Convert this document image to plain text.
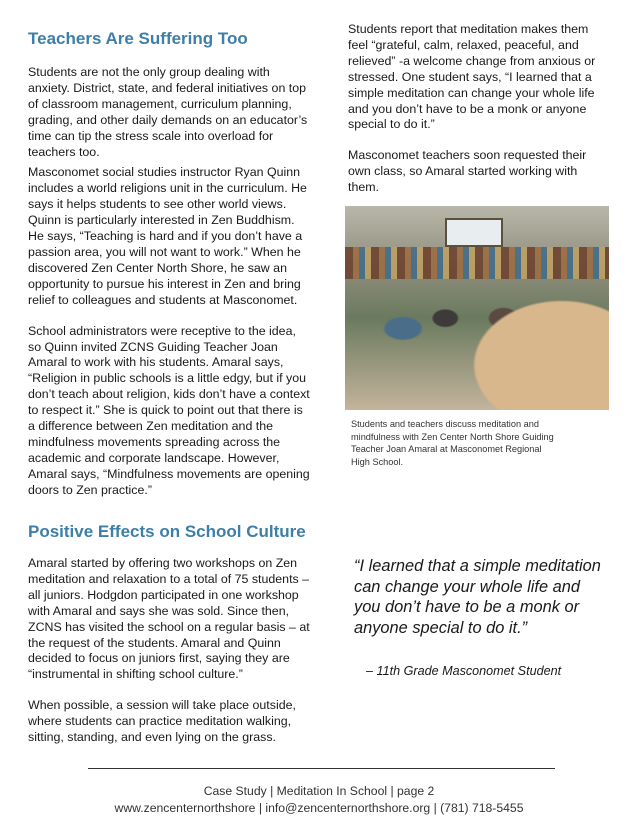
Teachers Are Suffering Too

Students are not the only group dealing with anxiety. District, state, and federal initiatives on top of classroom management, curriculum planning, grading, and other daily demands on an educator’s time can tip the stress scale into overload for teachers too.

Masconomet social studies instructor Ryan Quinn includes a world religions unit in the curriculum. He says it helps students to see other world views. Quinn is particularly interested in Zen Buddhism. He says, “Teaching is hard and if you don’t have a passion area, you will not want to work.” When he discovered Zen Center North Shore, he saw an opportunity to pursue his interest in Zen and bring relief to colleagues and students at Masconomet.

School administrators were receptive to the idea, so Quinn invited ZCNS Guiding Teacher Joan Amaral to work with his students. Amaral says, “Religion in public schools is a little edgy, but if you don’t teach about religion, kids don’t have a context to respect it.” She is quick to point out that there is a difference between Zen meditation and the mindfulness movements spreading across the academic and corporate landscape. However, Amaral says, “Mindfulness movements are opening doors to Zen practice.”

Students report that meditation makes them feel “grateful, calm, relaxed, peaceful, and relieved” -a welcome change from anxious or stressed. One student says, “I learned that a simple meditation can change your whole life and you don’t have to be a monk or anyone special to do it.”

Masconomet teachers soon requested their own class, so Amaral started working with them.

Students and teachers discuss meditation and mindfulness with Zen Center North Shore Guiding Teacher Joan Amaral at Masconomet Regional High School.

Positive Effects on School Culture

Amaral started by offering two workshops on Zen meditation and relaxation to a total of 75 students – all juniors. Hodgdon participated in one workshop with Amaral and says she was sold. Since then, ZCNS has visited the school on a regular basis – at the request of the students. Amaral and Quinn decided to focus on juniors first, saying they are “instrumental in shifting school culture.”

When possible, a session will take place outside, where students can practice meditation walking, sitting, standing, and even lying on the grass.

“I learned that a simple meditation can change your whole life and you don’t have to be a monk or anyone special to do it.”

– 11th Grade Masconomet Student

Case Study | Meditation In School | page 2

www.zencenternorthshore | info@zencenternorthshore.org | (781) 718-5455
